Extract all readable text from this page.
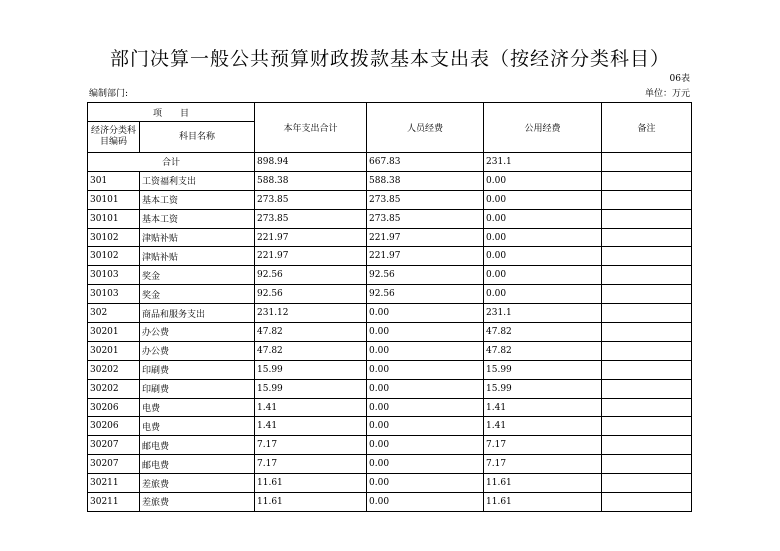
部门决算一般公共预算财政拨款基本支出表（按经济分类科目）
06表
编制部门:	单位：万元
项　　目		本年支出合计	人员经费	公用经费	备注
经济分类科目编码	科目名称				
合计		898.94	667.83	231.1	
301	工资福利支出	588.38	588.38	0.00	
30101	基本工资	273.85	273.85	0.00	
30101	基本工资	273.85	273.85	0.00	
30102	津贴补贴	221.97	221.97	0.00	
30102	津贴补贴	221.97	221.97	0.00	
30103	奖金	92.56	92.56	0.00	
30103	奖金	92.56	92.56	0.00	
302	商品和服务支出	231.12	0.00	231.1	
30201	办公费	47.82	0.00	47.82	
30201	办公费	47.82	0.00	47.82	
30202	印刷费	15.99	0.00	15.99	
30202	印刷费	15.99	0.00	15.99	
30206	电费	1.41	0.00	1.41	
30206	电费	1.41	0.00	1.41	
30207	邮电费	7.17	0.00	7.17	
30207	邮电费	7.17	0.00	7.17	
30211	差旅费	11.61	0.00	11.61	
30211	差旅费	11.61	0.00	11.61	
